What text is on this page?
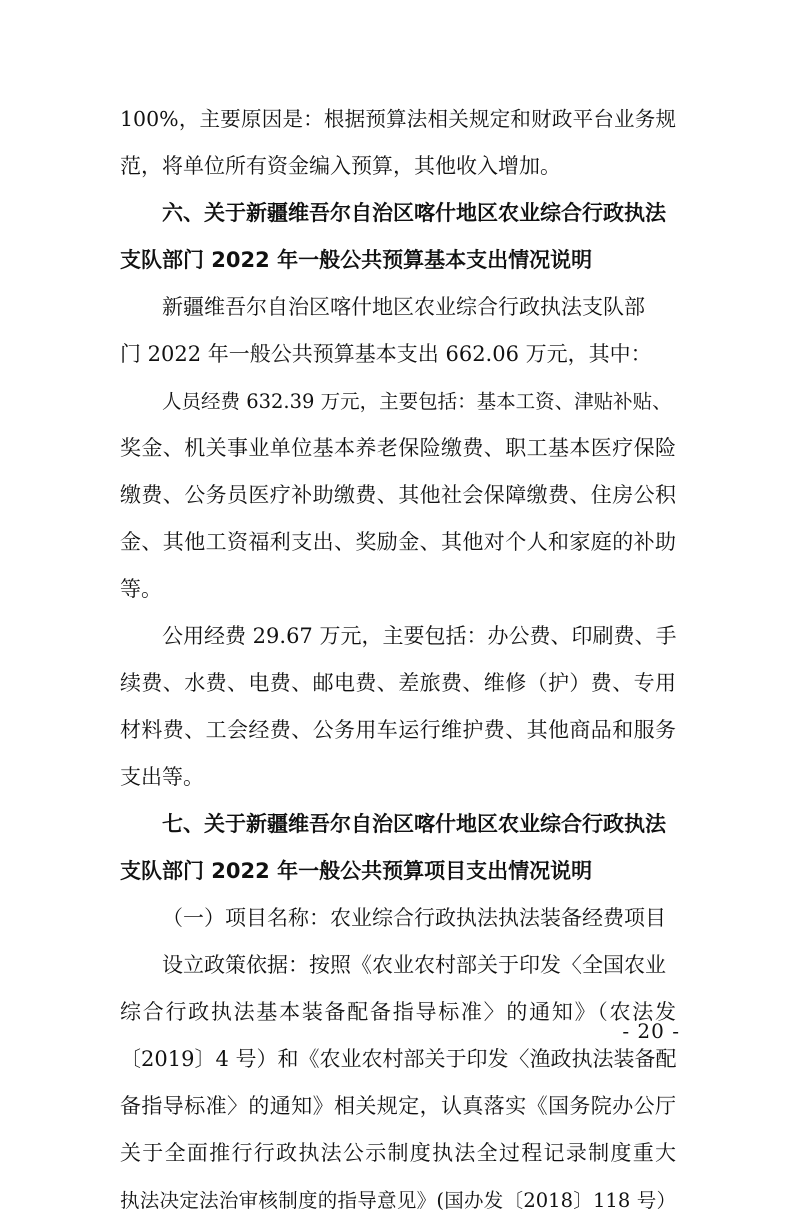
100%，主要原因是：根据预算法相关规定和财政平台业务规
范，将单位所有资金编入预算，其他收入增加。
六、关于新疆维吾尔自治区喀什地区农业综合行政执法
支队部门 2022 年一般公共预算基本支出情况说明
新疆维吾尔自治区喀什地区农业综合行政执法支队部
门 2022 年一般公共预算基本支出 662.06 万元，其中：
人员经费 632.39 万元，主要包括：基本工资、津贴补贴、
奖金、机关事业单位基本养老保险缴费、职工基本医疗保险
缴费、公务员医疗补助缴费、其他社会保障缴费、住房公积
金、其他工资福利支出、奖励金、其他对个人和家庭的补助
等。
公用经费 29.67 万元，主要包括：办公费、印刷费、手
续费、水费、电费、邮电费、差旅费、维修（护）费、专用
材料费、工会经费、公务用车运行维护费、其他商品和服务
支出等。
七、关于新疆维吾尔自治区喀什地区农业综合行政执法
支队部门 2022 年一般公共预算项目支出情况说明
（一）项目名称：农业综合行政执法执法装备经费项目
设立政策依据：按照《农业农村部关于印发〈全国农业
综合行政执法基本装备配备指导标准〉的通知》（农法发
〔2019〕4 号）和《农业农村部关于印发〈渔政执法装备配
备指导标准〉的通知》相关规定，认真落实《国务院办公厅
关于全面推行行政执法公示制度执法全过程记录制度重大
执法决定法治审核制度的指导意见》(国办发〔2018〕118 号）
- 20 -
